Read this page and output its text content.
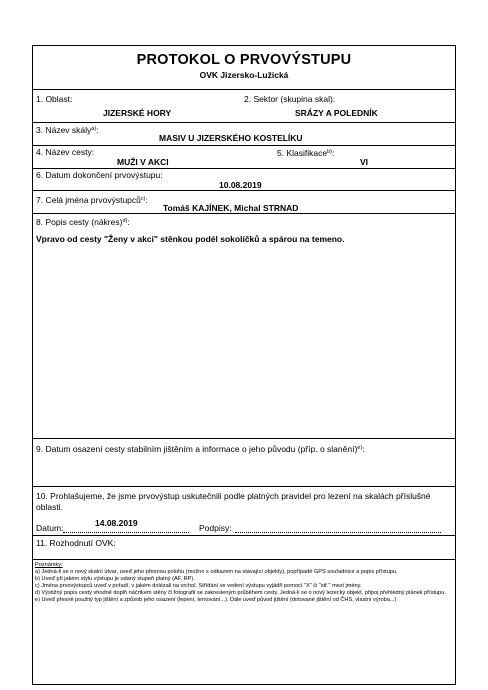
PROTOKOL O PRVOVÝSTUPU
OVK Jizersko-Lužická
1. Oblast:
JIZERSKÉ HORY
2. Sektor (skupina skal):
SRÁZY A POLEDNÍK
3. Název skály$^{a)}$:
MASIV U JIZERSKÉHO KOSTELÍKU
4. Název cesty:
MUŽI V AKCI
5. Klasifikace$^{b)}$:
VI
6. Datum dokončení prvovýstupu:
10.08.2019
7. Celá jména prvovýstupců$^{c)}$:
Tomáš KAJÍNEK, Michal STRNAD
8. Popis cesty (nákres)$^{d)}$:
Vpravo od cesty "Ženy v akci" stěnkou podél sokolíčků a spárou na temeno.
9. Datum osazení cesty stabilním jištěním a informace o jeho původu (příp. o slanění)$^{e)}$:
10. Prohlašujeme, že jsme prvovýstup uskutečnili podle platných pravidel pro lezení na skalách příslušné oblasti.
Datum:	14.08.2019	Podpisy:
11. Rozhodnutí OVK:
Poznámky:
a) Jedná-li se o nový skalní útvar, uveď jeho přesnou polohu (možno s odkazem na stávající objekty), popřípadě GPS souřadnice a popis přístupu.
b) Uveď při jakém stylu výstupu je udaný stupeň platný (AF, RP).
c) Jména prvovýstupců uveď v pořadí, v jakém dolézali na vrchol. Střídání ve vedení výstupu vyjádři pomocí "X" či "stř." mezi jmény.
d) Výstižný popis cesty vhodně doplň náčrtkem stěny či fotografií se zakresleným průběhem cesty. Jedná-li se o nový lezecký objekt, připoj přehledný plánek přístupu.
e) Uveď přesně použitý typ jištění a způsob jeho osazení (lepení, temování...). Dále uveď původ jištění (dotované jištění od ČHS, vlastní výroba...)
